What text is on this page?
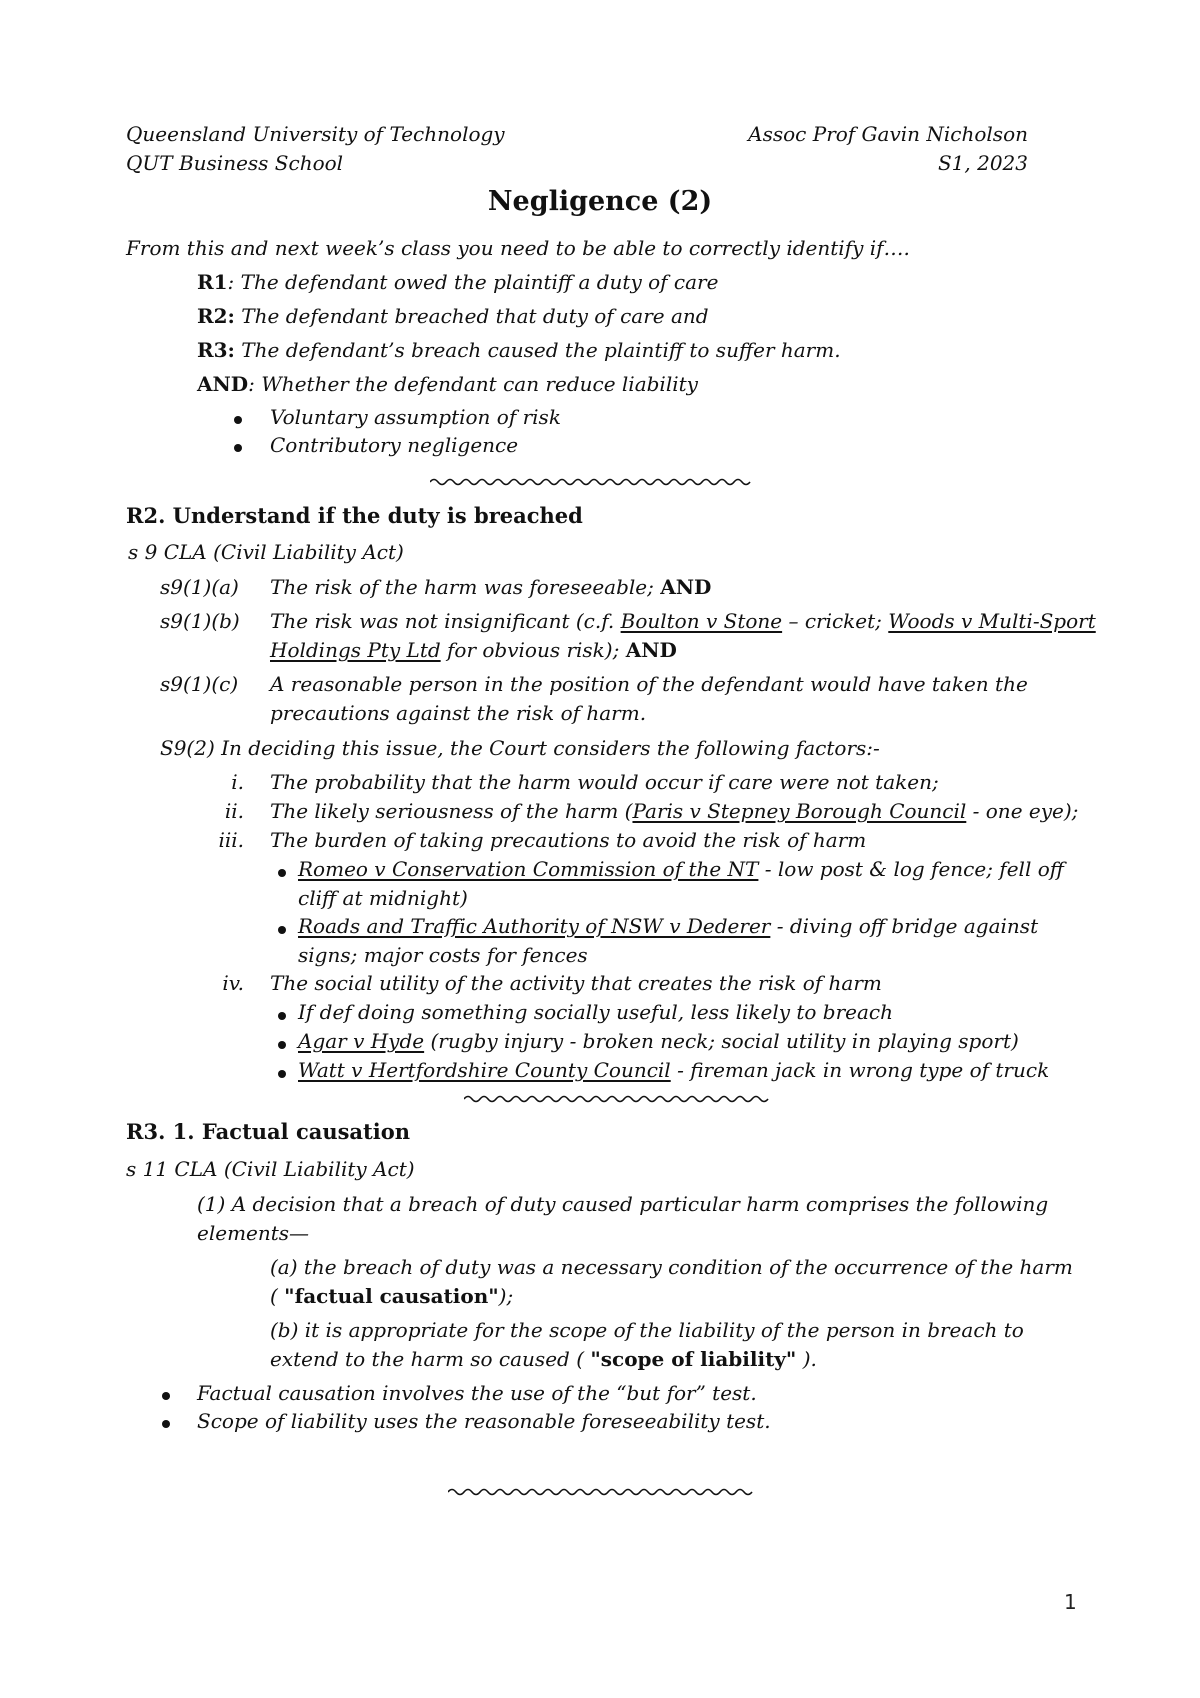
Queensland University of Technology
QUT Business School
Assoc Prof Gavin Nicholson
S1, 2023
Negligence (2)
From this and next week’s class you need to be able to correctly identify if….
R1: The defendant owed the plaintiff a duty of care
R2: The defendant breached that duty of care and
R3: The defendant’s breach caused the plaintiff to suffer harm.
AND: Whether the defendant can reduce liability
Voluntary assumption of risk
Contributory negligence
R2. Understand if the duty is breached
s 9 CLA (Civil Liability Act)
s9(1)(a) The risk of the harm was foreseeable; AND
s9(1)(b) The risk was not insignificant (c.f. Boulton v Stone – cricket; Woods v Multi-Sport
Holdings Pty Ltd for obvious risk); AND
s9(1)(c) A reasonable person in the position of the defendant would have taken the
precautions against the risk of harm.
S9(2) In deciding this issue, the Court considers the following factors:-
i. The probability that the harm would occur if care were not taken;
ii. The likely seriousness of the harm (Paris v Stepney Borough Council - one eye);
iii. The burden of taking precautions to avoid the risk of harm
Romeo v Conservation Commission of the NT - low post & log fence; fell off
cliff at midnight)
Roads and Traffic Authority of NSW v Dederer - diving off bridge against
signs; major costs for fences
iv. The social utility of the activity that creates the risk of harm
If def doing something socially useful, less likely to breach
Agar v Hyde (rugby injury - broken neck; social utility in playing sport)
Watt v Hertfordshire County Council - fireman jack in wrong type of truck
R3. 1. Factual causation
s 11 CLA (Civil Liability Act)
(1) A decision that a breach of duty caused particular harm comprises the following
elements—
(a) the breach of duty was a necessary condition of the occurrence of the harm
( "factual causation");
(b) it is appropriate for the scope of the liability of the person in breach to
extend to the harm so caused ( "scope of liability" ).
Factual causation involves the use of the “but for” test.
Scope of liability uses the reasonable foreseeability test.
1
